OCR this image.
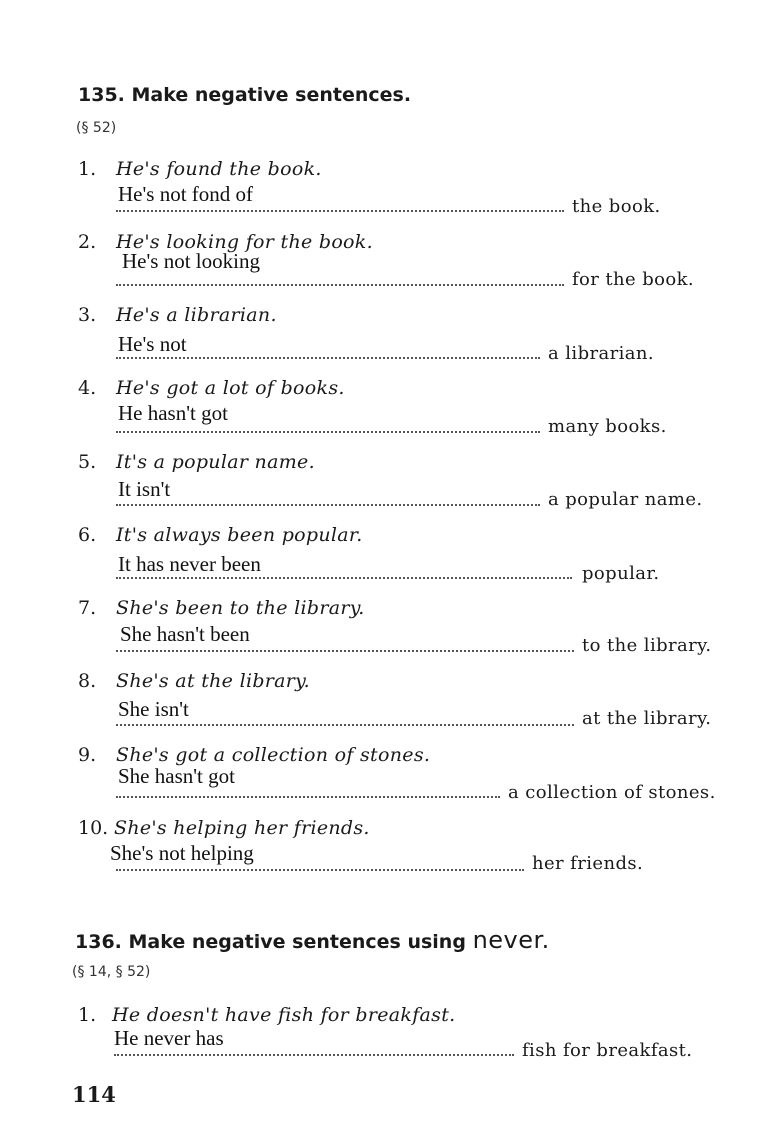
135. Make negative sentences.
(§ 52)
1. He's found the book.
He's not fond of
the book.
2. He's looking for the book.
He's not looking
for the book.
3. He's a librarian.
He's not	a librarian.
4. He's got a lot of books.
He hasn't got
many books.
5. It's a popular name.
It isn't	a popular name.
6. It's always been popular.
It has never been	popular.
7. She's been to the library.
She hasn't been	to the library.
8. She's at the library.
She isn't	at the library.
9. She's got a collection of stones.
She hasn't got
a collection of stones.
10. She's helping her friends.
She's not helping	her friends.
136. Make negative sentences using never.
(§ 14, § 52)
1. He doesn't have fish for breakfast.
He never has
fish for breakfast.
114
